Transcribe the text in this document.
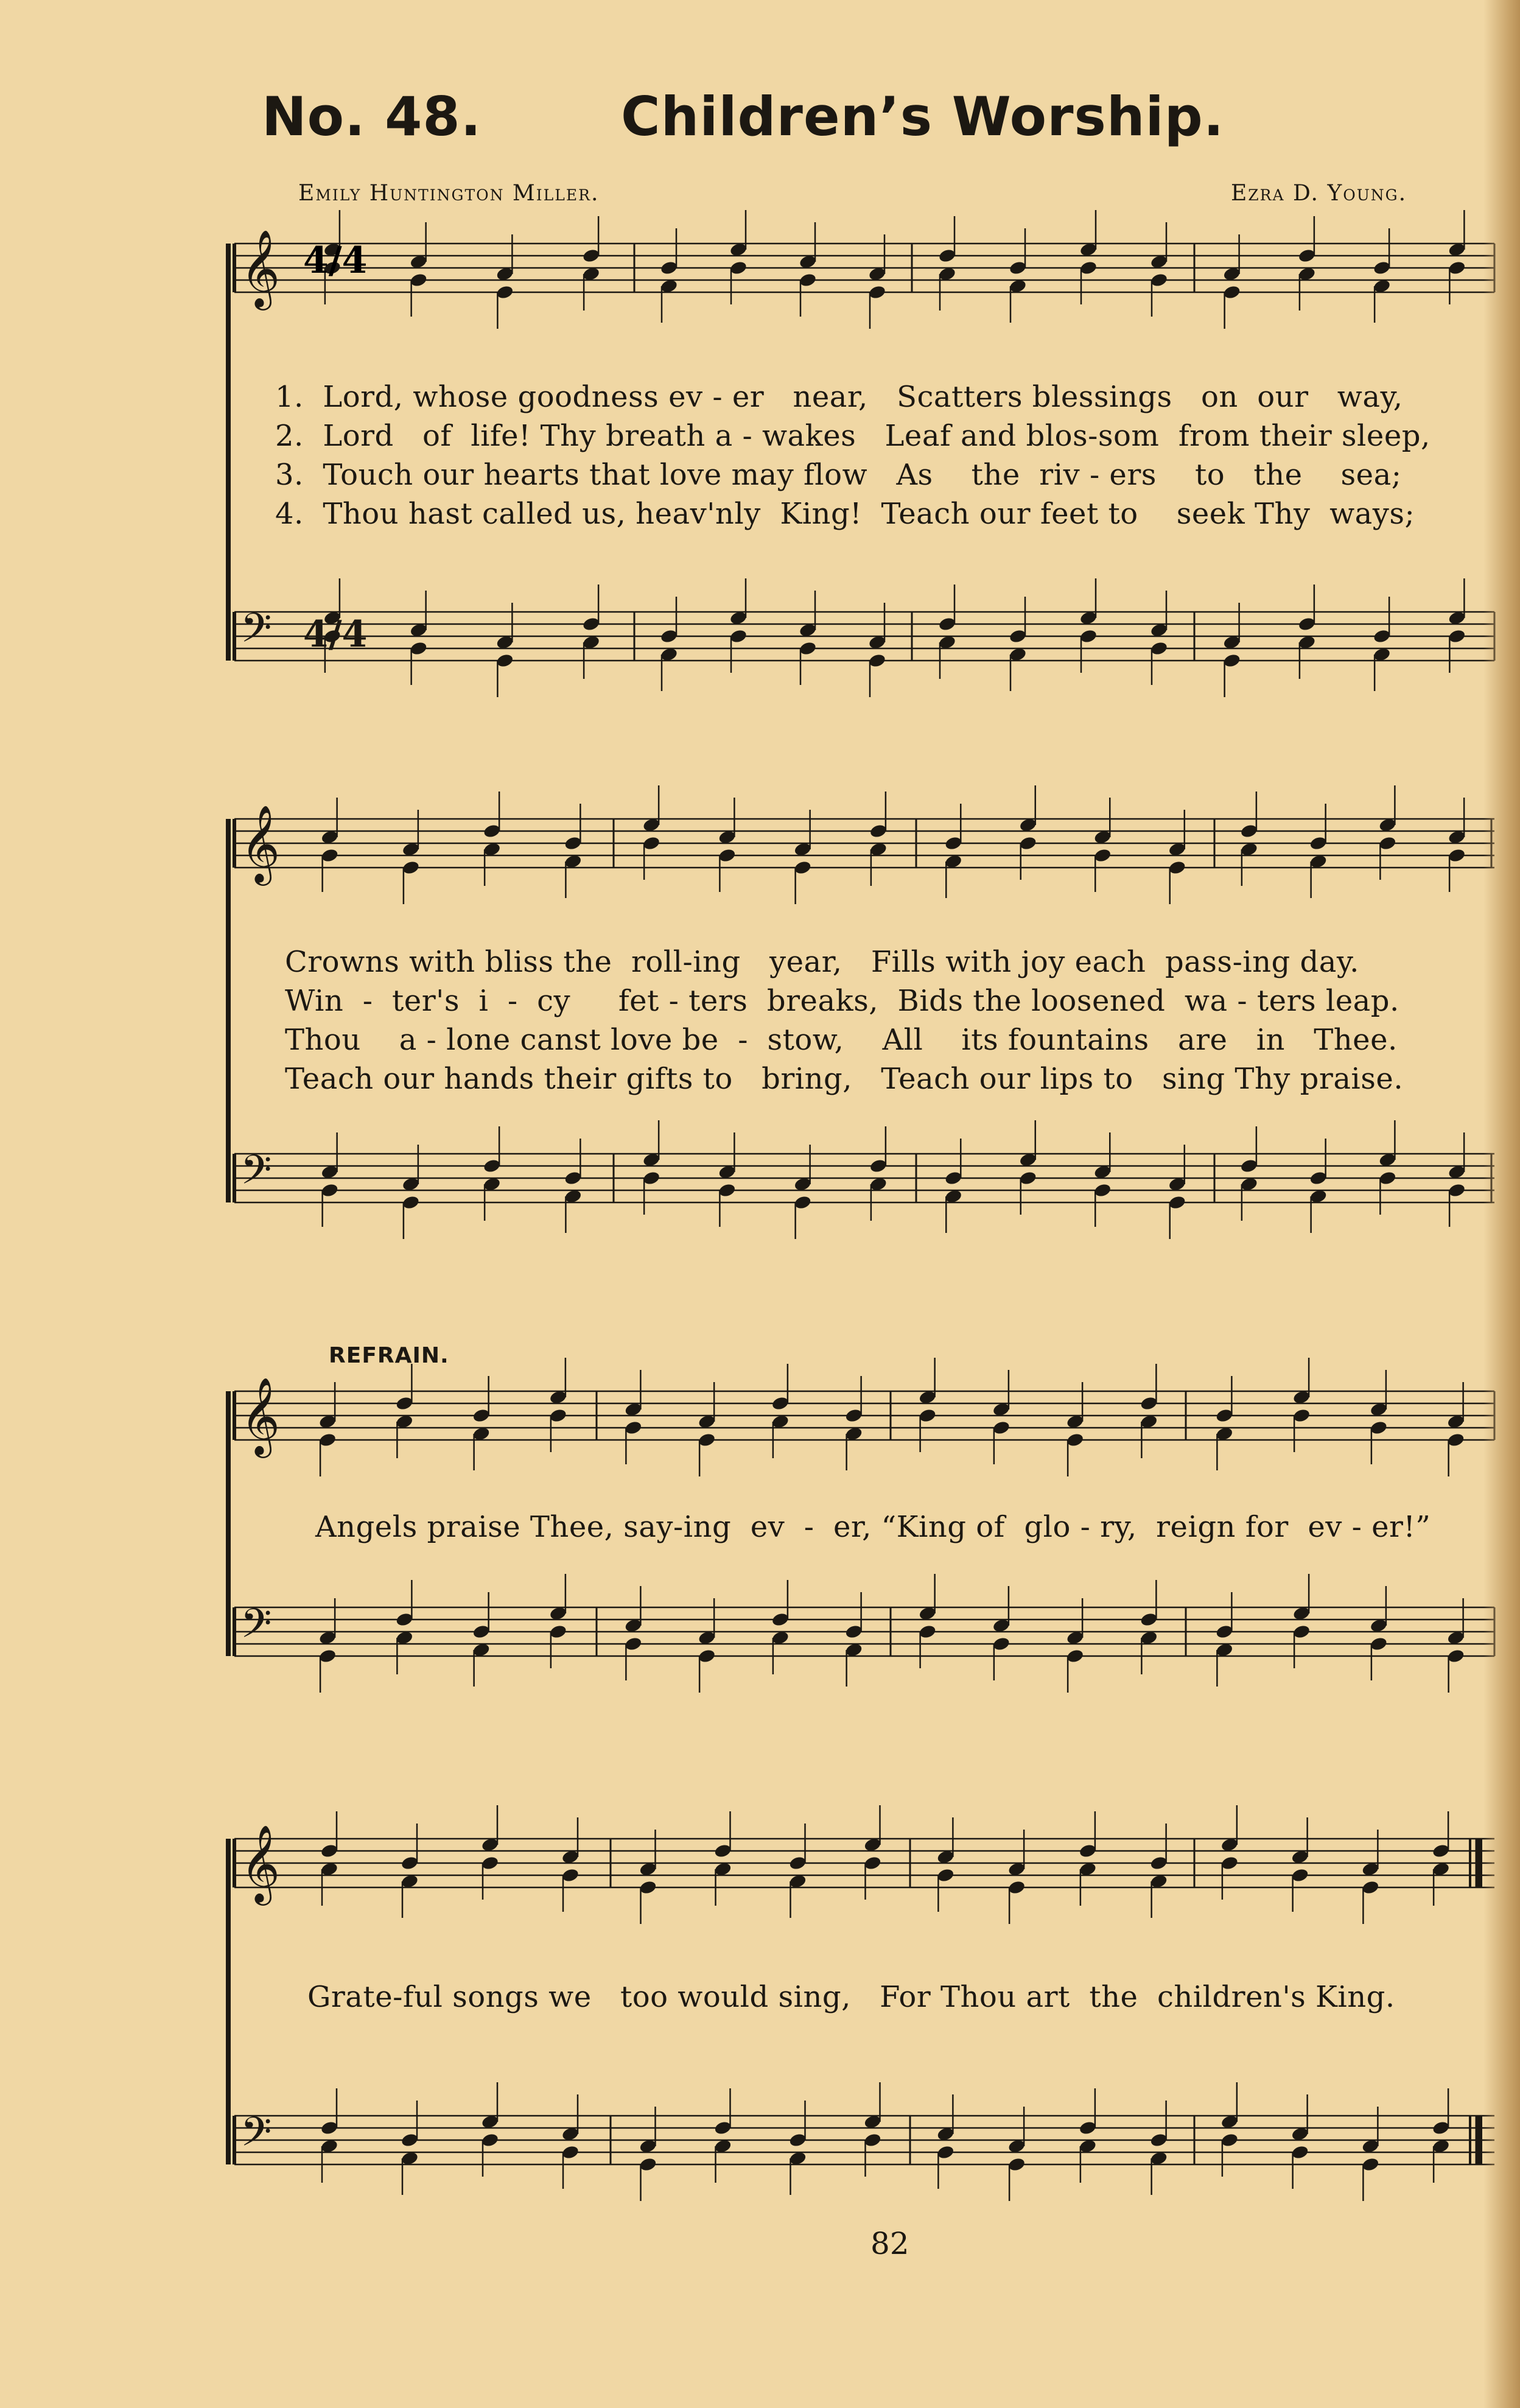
No. 48.	Children’s Worship.
Emily Huntington Miller.	Ezra D. Young.
𝄞
𝄢
𝄞
𝄢
𝄞
𝄢
𝄞
𝄢
4/4
4/4
1.  Lord, whose goodness ev - er   near,   Scatters blessings   on  our   way,
2.  Lord   of  life! Thy breath a - wakes   Leaf and blos-som  from their sleep,
3.  Touch our hearts that love may flow   As    the  riv - ers    to   the    sea;
4.  Thou hast called us, heav'nly  King!  Teach our feet to    seek Thy  ways;
Crowns with bliss the  roll-ing   year,   Fills with joy each  pass-ing day.
Win  -  ter's  i  -  cy     fet - ters  breaks,  Bids the loosened  wa - ters leap.
Thou    a - lone canst love be  -  stow,    All    its fountains   are   in   Thee.
Teach our hands their gifts to   bring,   Teach our lips to   sing Thy praise.
REFRAIN.
Angels praise Thee, say-ing  ev  -  er, “King of  glo - ry,  reign for  ev - er!”
Grate-ful songs we   too would sing,   For Thou art  the  children's King.
82
